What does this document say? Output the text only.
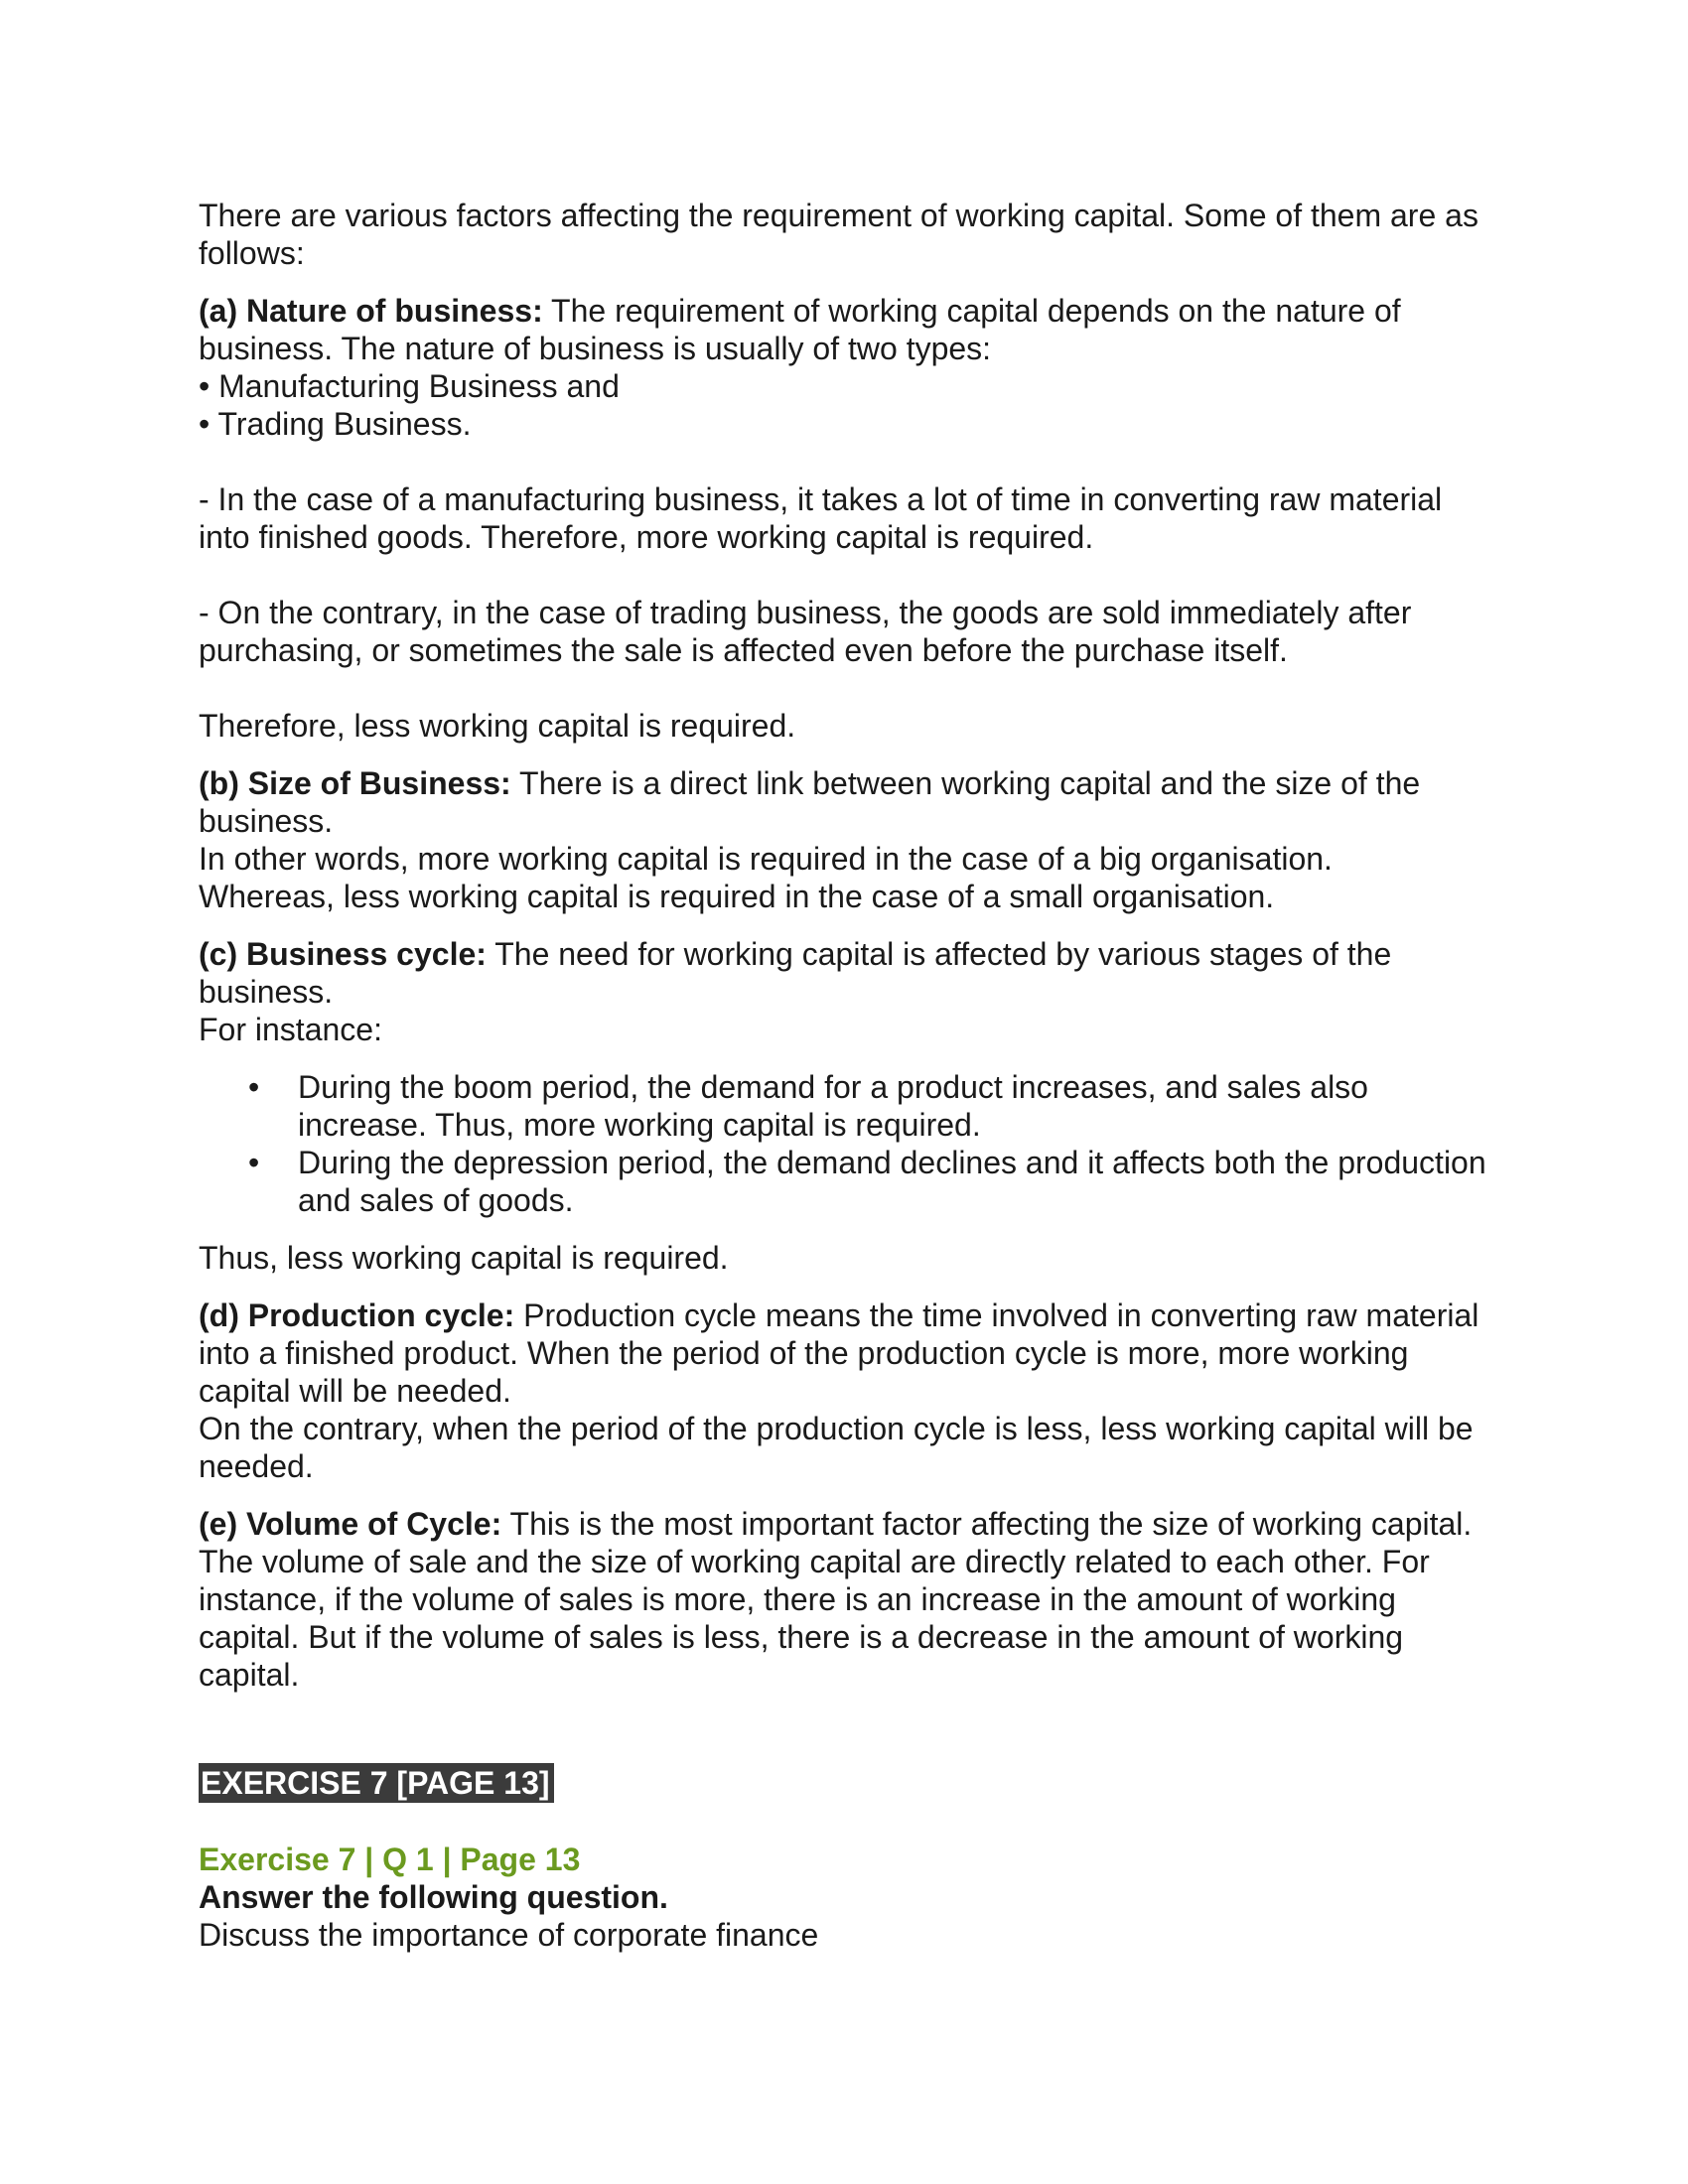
There are various factors affecting the requirement of working capital. Some of them are as follows:

(a) Nature of business: The requirement of working capital depends on the nature of business. The nature of business is usually of two types:

• Manufacturing Business and

• Trading Business.

- In the case of a manufacturing business, it takes a lot of time in converting raw material into finished goods. Therefore, more working capital is required.

- On the contrary, in the case of trading business, the goods are sold immediately after purchasing, or sometimes the sale is affected even before the purchase itself.

Therefore, less working capital is required.

(b) Size of Business: There is a direct link between working capital and the size of the business.

In other words, more working capital is required in the case of a big organisation.

Whereas, less working capital is required in the case of a small organisation.

(c) Business cycle: The need for working capital is affected by various stages of the business.

For instance:

• During the boom period, the demand for a product increases, and sales also increase. Thus, more working capital is required.
• During the depression period, the demand declines and it affects both the production and sales of goods.

Thus, less working capital is required.

(d) Production cycle: Production cycle means the time involved in converting raw material into a finished product. When the period of the production cycle is more, more working capital will be needed.

On the contrary, when the period of the production cycle is less, less working capital will be needed.

(e) Volume of Cycle: This is the most important factor affecting the size of working capital. The volume of sale and the size of working capital are directly related to each other. For instance, if the volume of sales is more, there is an increase in the amount of working capital. But if the volume of sales is less, there is a decrease in the amount of working capital.

EXERCISE 7 [PAGE 13]

Exercise 7 | Q 1 | Page 13

Answer the following question.

Discuss the importance of corporate finance
